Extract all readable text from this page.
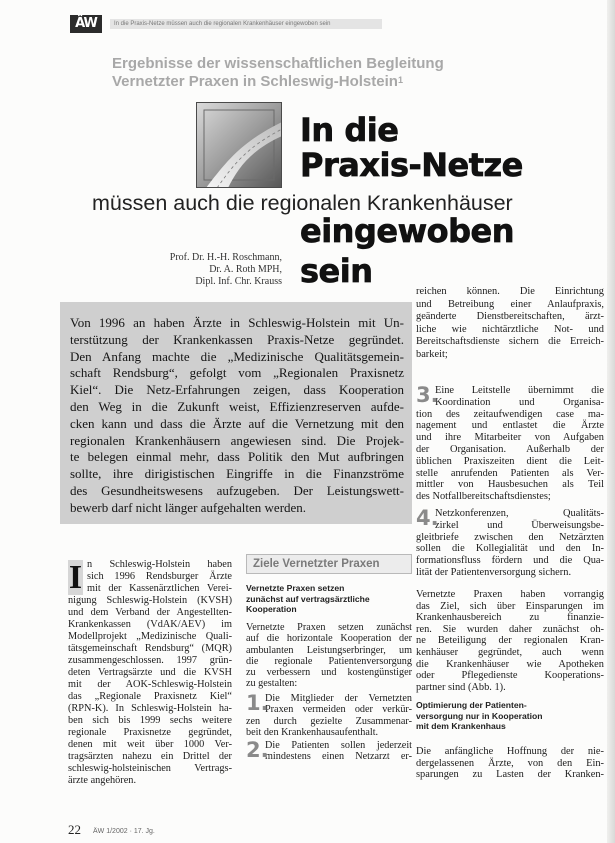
ÄW	In die Praxis-Netze müssen auch die regionalen Krankenhäuser eingewoben sein
Ergebnisse der wissenschaftlichen Begleitung
Vernetzter Praxen in Schleswig-Holstein$^1$
In die
Praxis-Netze
müssen auch die regionalen Krankenhäuser
eingewoben
sein
Prof. Dr. H.-H. Roschmann,
Dr. A. Roth MPH,
Dipl. Inf. Chr. Krauss
Von 1996 an haben Ärzte in Schleswig-Holstein mit Un-
terstützung der Krankenkassen Praxis-Netze gegründet.
Den Anfang machte die „Medizinische Qualitätsgemein-
schaft Rendsburg“, gefolgt vom „Regionalen Praxisnetz
Kiel“. Die Netz-Erfahrungen zeigen, dass Kooperation
den Weg in die Zukunft weist, Effizienzreserven aufde-
cken kann und dass die Ärzte auf die Vernetzung mit den
regionalen Krankenhäusern angewiesen sind. Die Projek-
te belegen einmal mehr, dass Politik den Mut aufbringen
sollte, ihre dirigistischen Eingriffe in die Finanzströme
des Gesundheitswesens aufzugeben. Der Leistungswett-
bewerb darf nicht länger aufgehalten werden.
I n Schleswig-Holstein haben
sich 1996 Rendsburger Ärzte
mit der Kassenärztlichen Verei-
nigung Schleswig-Holstein (KVSH)
und dem Verband der Angestellten-
Krankenkassen (VdAK/AEV) im
Modellprojekt „Medizinische Quali-
tätsgemeinschaft Rendsburg“ (MQR)
zusammengeschlossen. 1997 grün-
deten Vertragsärzte und die KVSH
mit der AOK-Schleswig-Holstein
das „Regionale Praxisnetz Kiel“
(RPN-K). In Schleswig-Holstein ha-
ben sich bis 1999 sechs weitere
regionale Praxisnetze gegründet,
denen mit weit über 1000 Ver-
tragsärzten nahezu ein Drittel der
schleswig-holsteinischen Vertrags-
ärzte angehören.
Ziele Vernetzter Praxen
Vernetzte Praxen setzen
zunächst auf vertragsärztliche
Kooperation
Vernetzte Praxen setzen zunächst
auf die horizontale Kooperation der
ambulanten Leistungserbringer, um
die regionale Patientenversorgung
zu verbessern und kostengünstiger
zu gestalten:
1.
Die Mitglieder der Vernetzten
Praxen vermeiden oder verkür-
zen durch gezielte Zusammenar-
beit den Krankenhausaufenthalt.
2.
Die Patienten sollen jederzeit
mindestens einen Netzarzt er-
reichen können. Die Einrichtung
und Betreibung einer Anlaufpraxis,
geänderte Dienstbereitschaften, ärzt-
liche wie nichtärztliche Not- und
Bereitschaftsdienste sichern die Erreich-
barkeit;
3.
Eine Leitstelle übernimmt die
Koordination und Organisa-
tion des zeitaufwendigen case ma-
nagement und entlastet die Ärzte
und ihre Mitarbeiter von Aufgaben
der Organisation. Außerhalb der
üblichen Praxiszeiten dient die Leit-
stelle anrufenden Patienten als Ver-
mittler von Hausbesuchen als Teil
des Notfallbereitschaftsdienstes;
4.
Netzkonferenzen, Qualitäts-
zirkel und Überweisungsbe-
gleitbriefe zwischen den Netzärzten
sollen die Kollegialität und den In-
formationsfluss fördern und die Qua-
lität der Patientenversorgung sichern.
Vernetzte Praxen haben vorrangig
das Ziel, sich über Einsparungen im
Krankenhausbereich zu finanzie-
ren. Sie wurden daher zunächst oh-
ne Beteiligung der regionalen Kran-
kenhäuser gegründet, auch wenn
die Krankenhäuser wie Apotheken
oder Pflegedienste Kooperations-
partner sind (Abb. 1).
Optimierung der Patienten-
versorgung nur in Kooperation
mit dem Krankenhaus
Die anfängliche Hoffnung der nie-
dergelassenen Ärzte, von den Ein-
sparungen zu Lasten der Kranken-
22 ÄW 1/2002 · 17. Jg.
